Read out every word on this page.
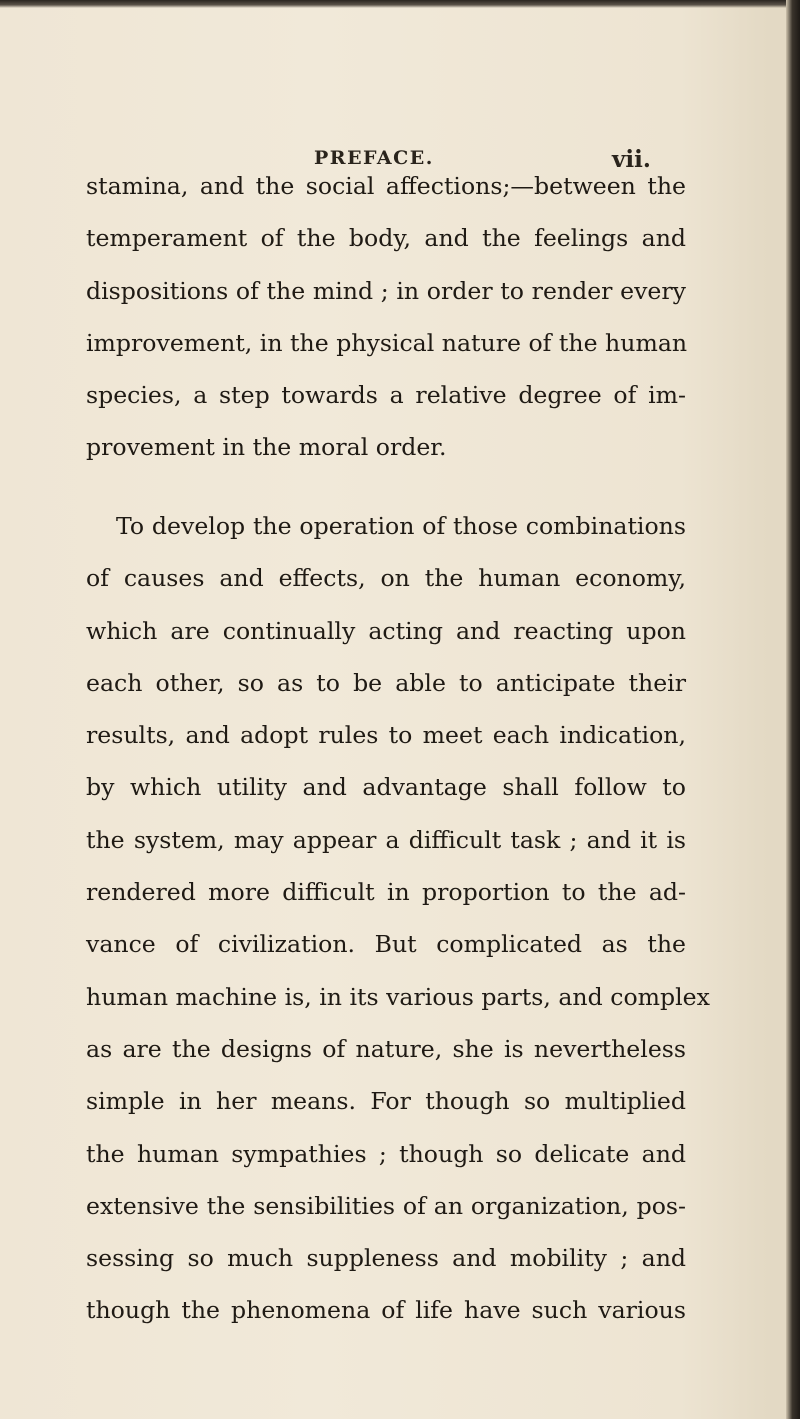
PREFACE.	vii.
stamina, and the social affections;—between the
temperament of the body, and the feelings and
dispositions of the mind ; in order to render every
improvement, in the physical nature of the human
species, a step towards a relative degree of im-
provement in the moral order.
To develop the operation of those combinations
of causes and effects, on the human economy,
which are continually acting and reacting upon
each other, so as to be able to anticipate their
results, and adopt rules to meet each indication,
by which utility and advantage shall follow to
the system, may appear a difficult task ; and it is
rendered more difficult in proportion to the ad-
vance of civilization. But complicated as the
human machine is, in its various parts, and complex
as are the designs of nature, she is nevertheless
simple in her means. For though so multiplied
the human sympathies ; though so delicate and
extensive the sensibilities of an organization, pos-
sessing so much suppleness and mobility ; and
though the phenomena of life have such various
